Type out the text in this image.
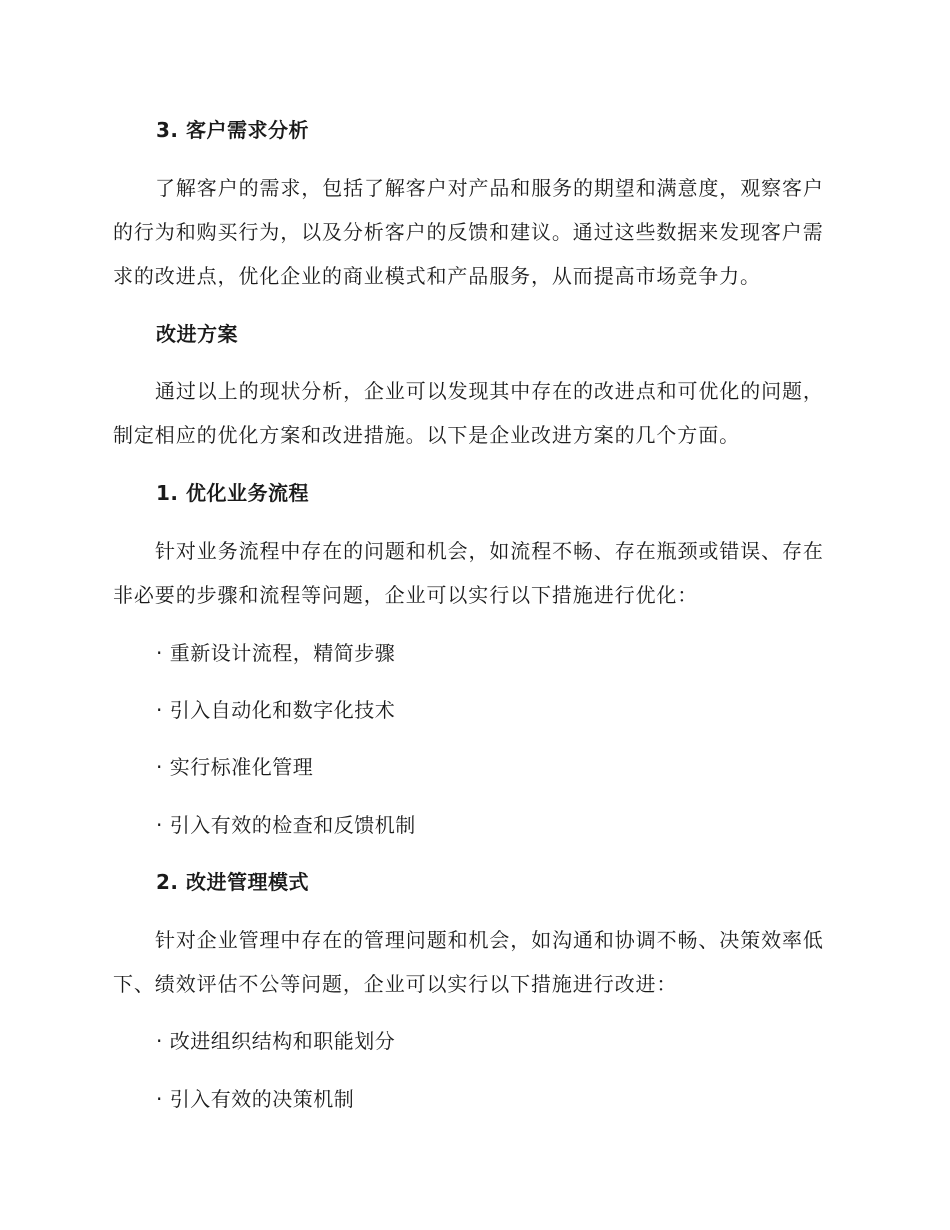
3. 客户需求分析
了解客户的需求，包括了解客户对产品和服务的期望和满意度，观察客户的行为和购买行为，以及分析客户的反馈和建议。通过这些数据来发现客户需求的改进点，优化企业的商业模式和产品服务，从而提高市场竞争力。
改进方案
通过以上的现状分析，企业可以发现其中存在的改进点和可优化的问题，制定相应的优化方案和改进措施。以下是企业改进方案的几个方面。
1. 优化业务流程
针对业务流程中存在的问题和机会，如流程不畅、存在瓶颈或错误、存在非必要的步骤和流程等问题，企业可以实行以下措施进行优化：
· 重新设计流程，精简步骤
· 引入自动化和数字化技术
· 实行标准化管理
· 引入有效的检查和反馈机制
2. 改进管理模式
针对企业管理中存在的管理问题和机会，如沟通和协调不畅、决策效率低下、绩效评估不公等问题，企业可以实行以下措施进行改进：
· 改进组织结构和职能划分
· 引入有效的决策机制
